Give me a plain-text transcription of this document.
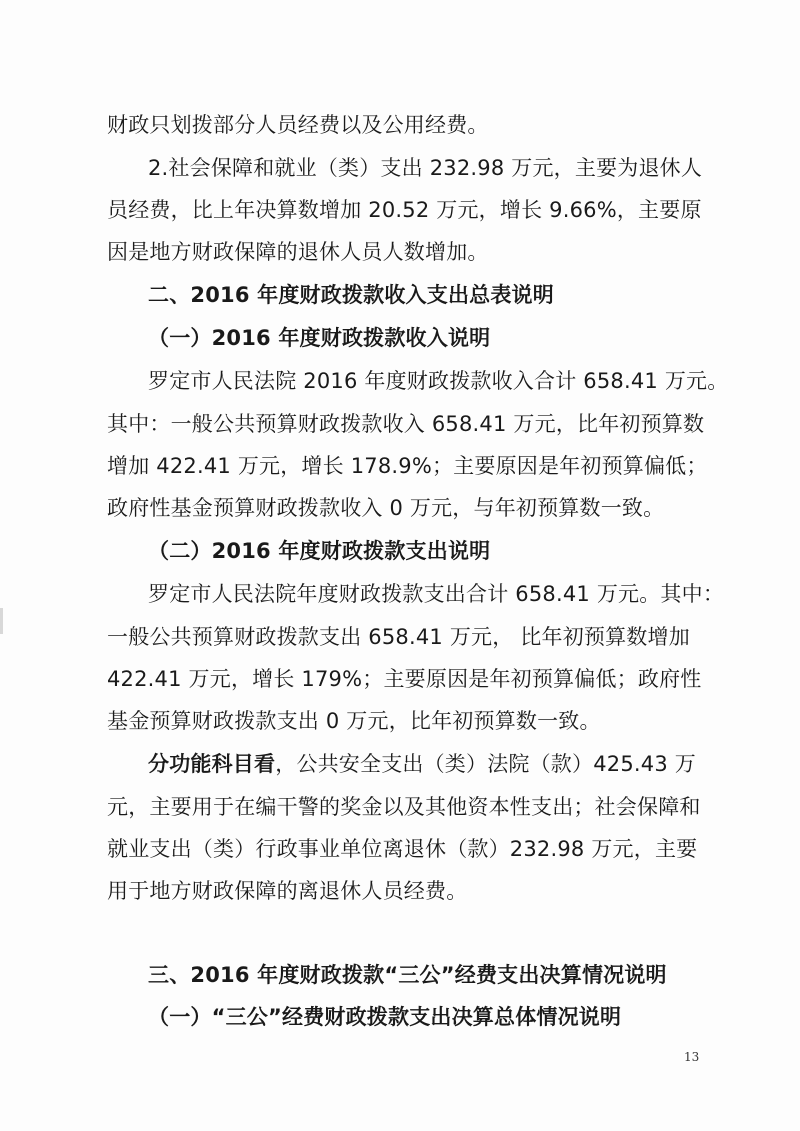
财政只划拨部分人员经费以及公用经费。
2.社会保障和就业（类）支出 232.98 万元，主要为退休人
员经费，比上年决算数增加 20.52 万元，增长 9.66%，主要原
因是地方财政保障的退休人员人数增加。
二、2016 年度财政拨款收入支出总表说明
（一）2016 年度财政拨款收入说明
罗定市人民法院 2016 年度财政拨款收入合计 658.41 万元。
其中：一般公共预算财政拨款收入 658.41 万元，比年初预算数
增加 422.41 万元，增长 178.9%；主要原因是年初预算偏低；
政府性基金预算财政拨款收入 0 万元，与年初预算数一致。
（二）2016 年度财政拨款支出说明
罗定市人民法院年度财政拨款支出合计 658.41 万元。其中：
一般公共预算财政拨款支出 658.41 万元， 比年初预算数增加
422.41 万元，增长 179%；主要原因是年初预算偏低；政府性
基金预算财政拨款支出 0 万元，比年初预算数一致。
分功能科目看，公共安全支出（类）法院（款）425.43 万
元，主要用于在编干警的奖金以及其他资本性支出；社会保障和
就业支出（类）行政事业单位离退休（款）232.98 万元，主要
用于地方财政保障的离退休人员经费。
三、2016 年度财政拨款“三公”经费支出决算情况说明
（一）“三公”经费财政拨款支出决算总体情况说明
13
